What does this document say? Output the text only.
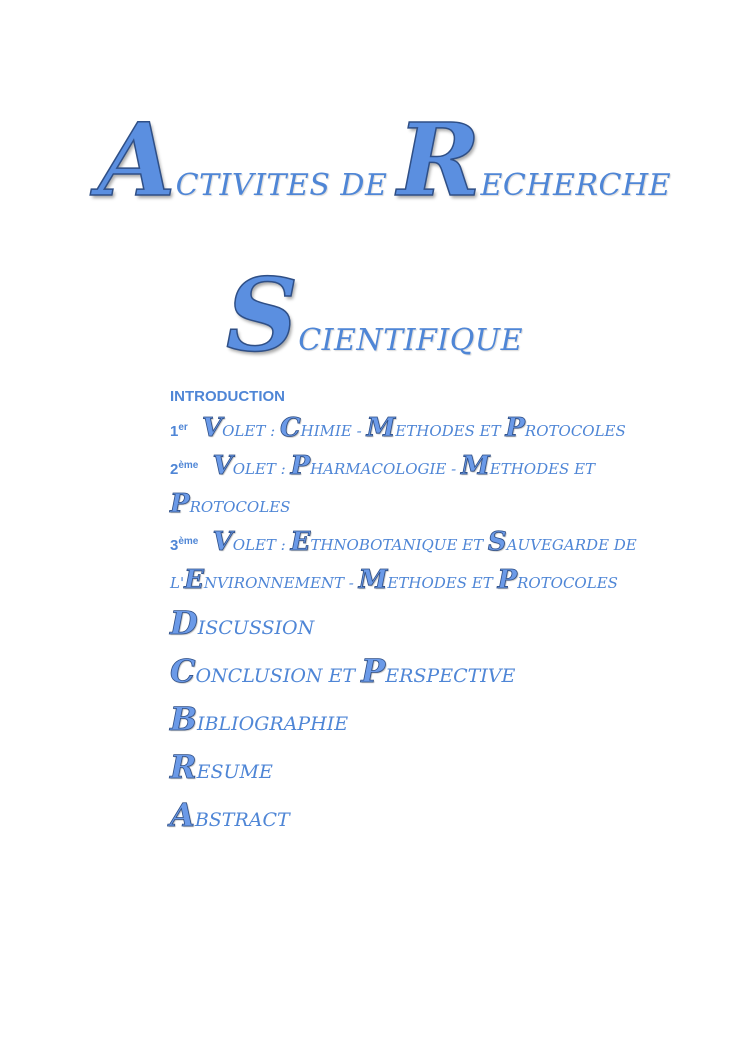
ACTIVITES DE RECHERCHE
SCIENTIFIQUE
INTRODUCTION
1er VOLET : CHIMIE - METHODES ET PROTOCOLES
2ème VOLET : PHARMACOLOGIE - METHODES ET
PROTOCOLES
3ème VOLET : ETHNOBOTANIQUE ET SAUVEGARDE DE
L'ENVIRONNEMENT - METHODES ET PROTOCOLES
DISCUSSION
CONCLUSION ET PERSPECTIVE
BIBLIOGRAPHIE
RESUME
ABSTRACT
